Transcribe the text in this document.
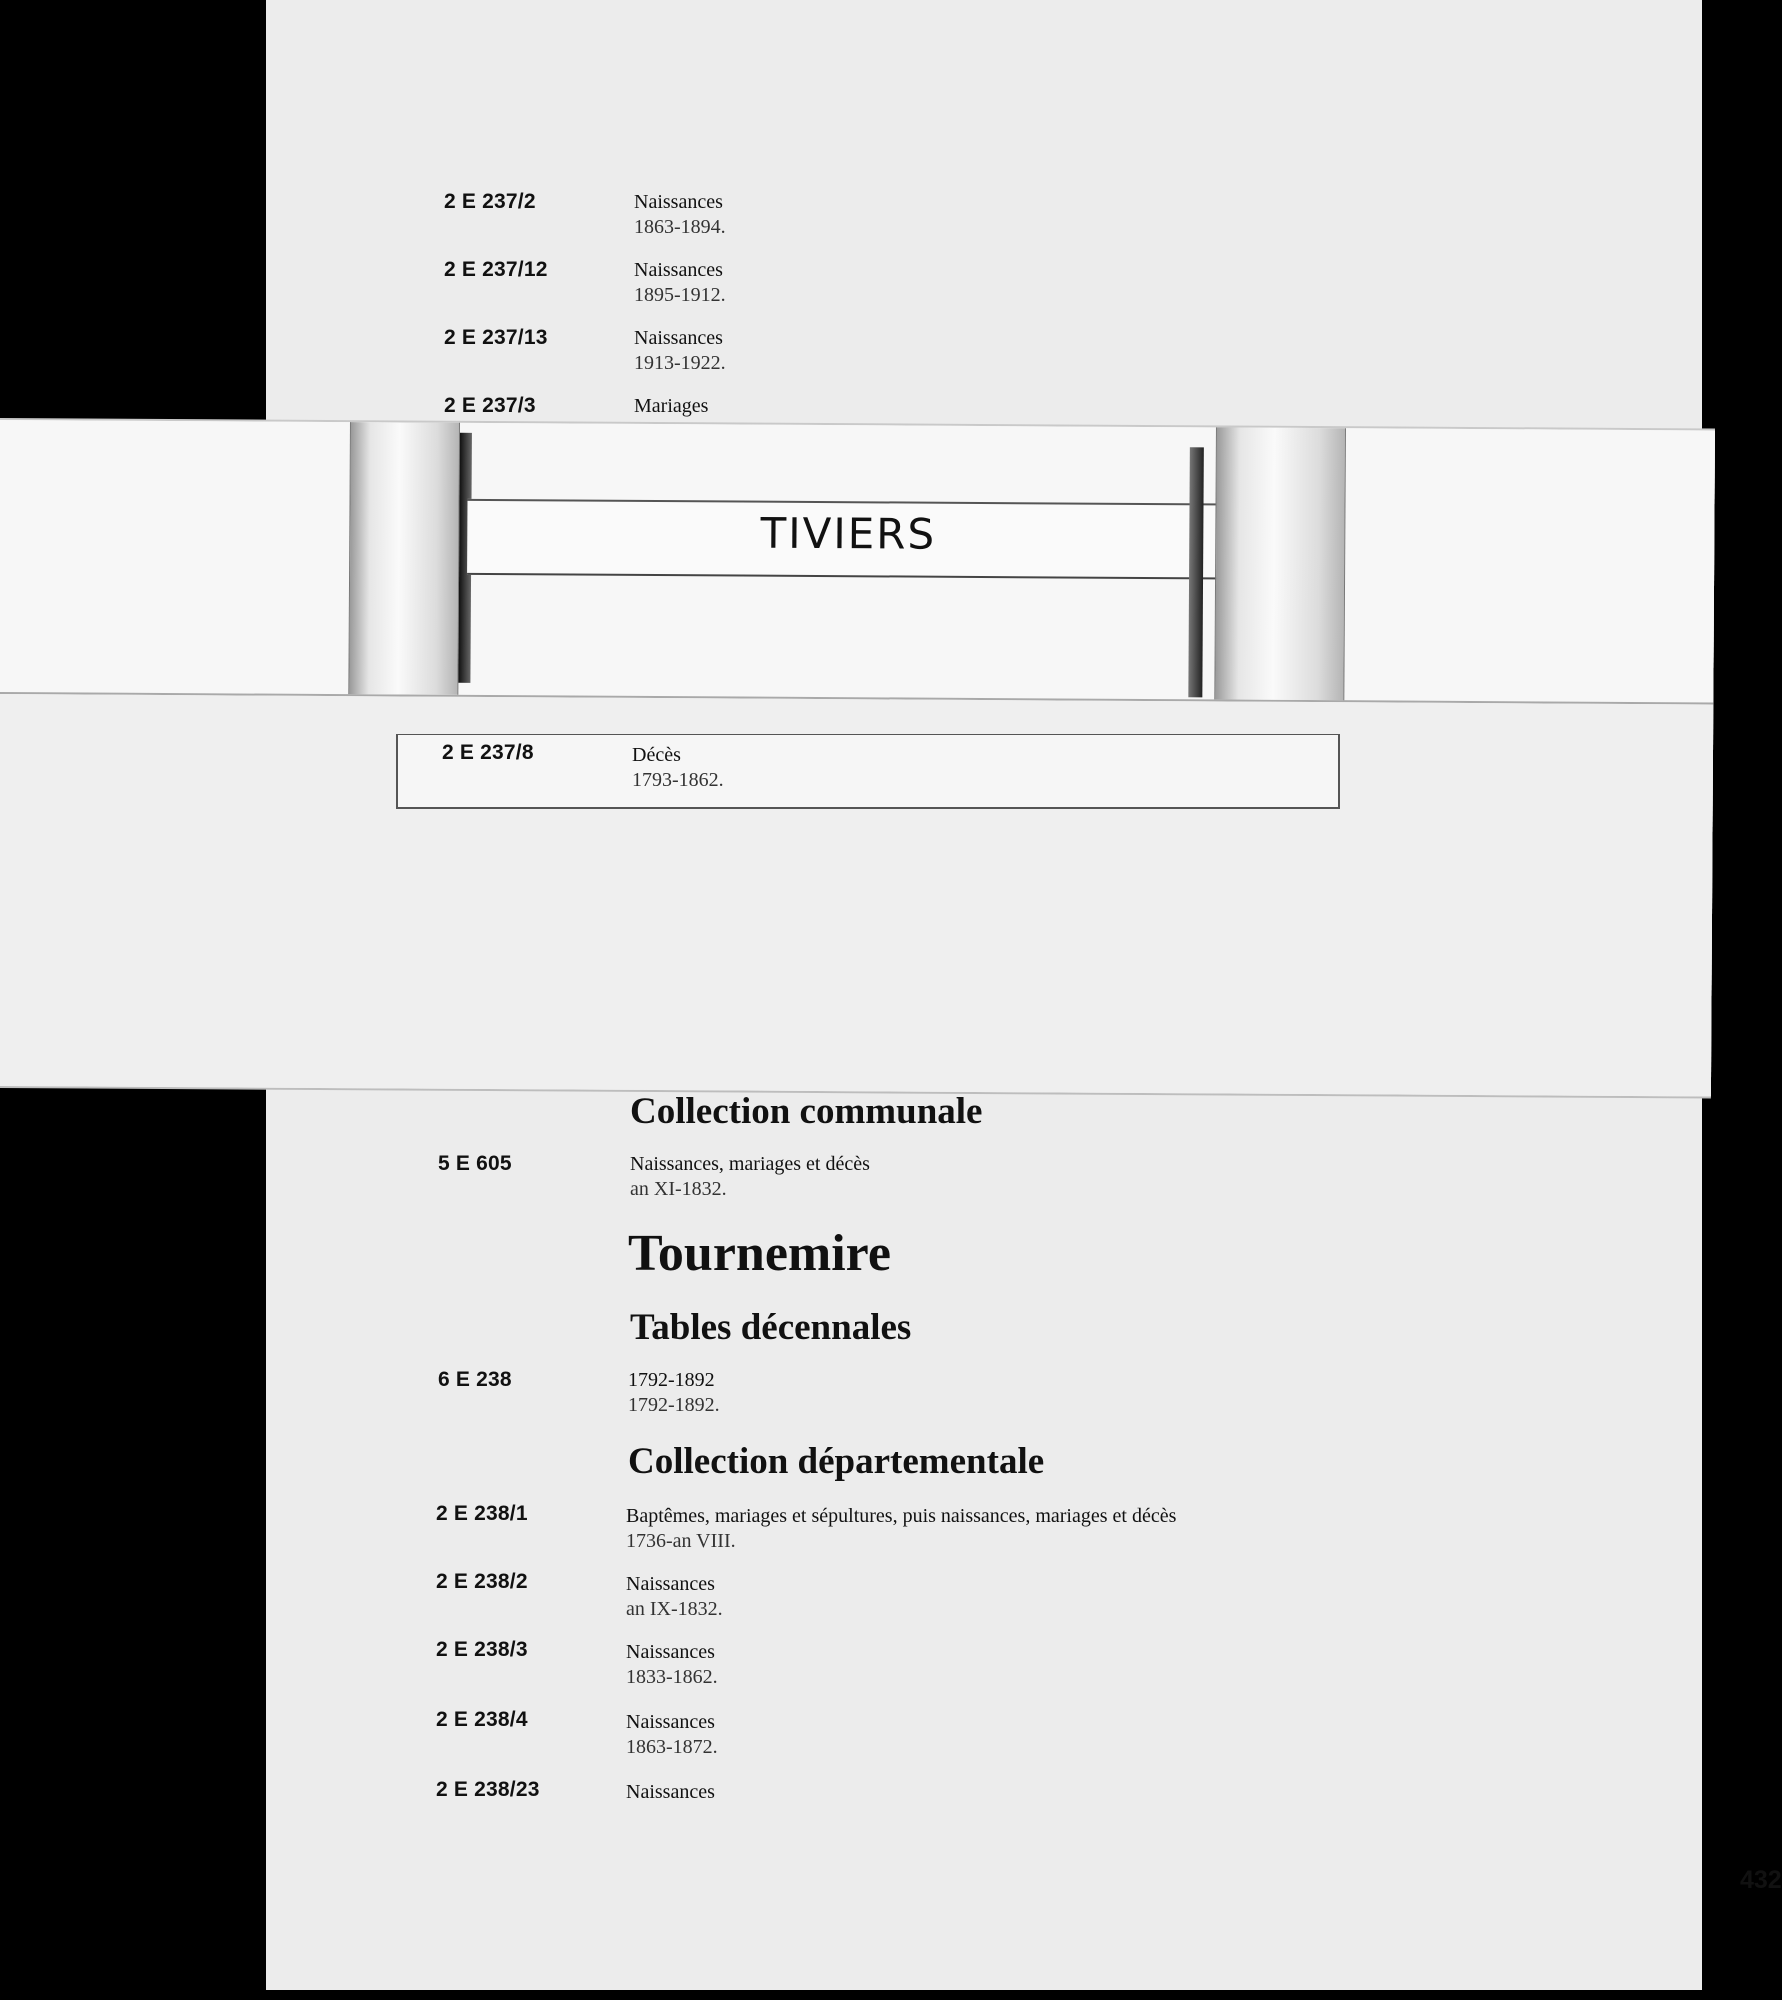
2 E 237/2	Naissances
1863-1894.
2 E 237/12	Naissances
1895-1912.
2 E 237/13	Naissances
1913-1922.
2 E 237/3	Mariages
Collection communale
5 E 605	Naissances, mariages et décès
an XI-1832.
Tournemire
Tables décennales
6 E 238	1792-1892
1792-1892.
Collection départementale
2 E 238/1	Baptêmes, mariages et sépultures, puis naissances, mariages et décès
1736-an VIII.
2 E 238/2	Naissances
an IX-1832.
2 E 238/3	Naissances
1833-1862.
2 E 238/4	Naissances
1863-1872.
2 E 238/23	Naissances
432
TIVIERS
2 E 237/8	Décès
1793-1862.
